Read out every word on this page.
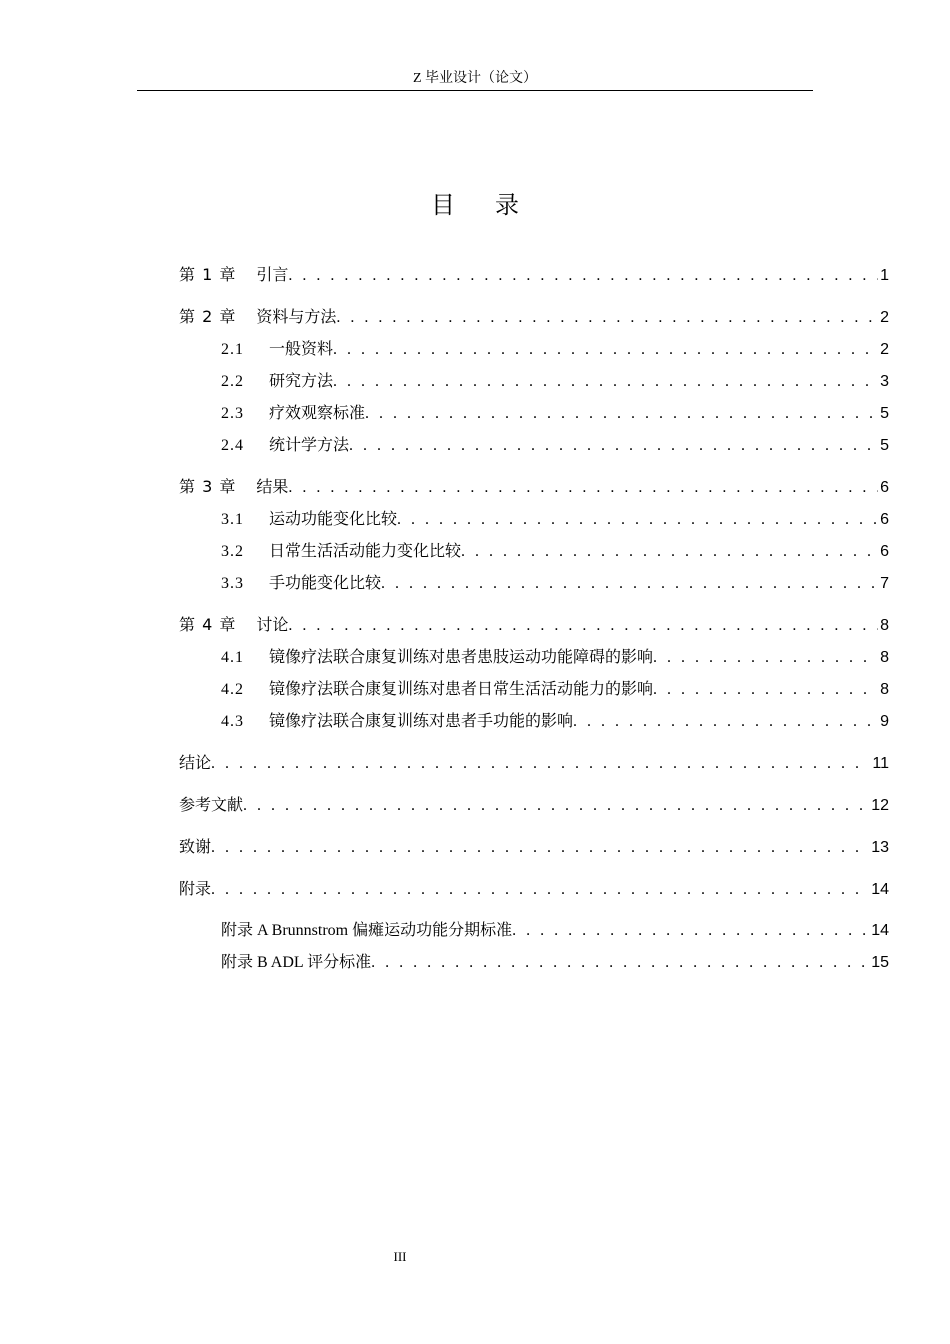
Z 毕业设计（论文）
目录
第 1 章 引言 . . .	1
第 2 章 资料与方法 . . .	2
2.1 一般资料 . . .	2
2.2 研究方法 . . .	3
2.3 疗效观察标准 . . .	5
2.4 统计学方法 . . .	5
第 3 章 结果 . . .	6
3.1 运动功能变化比较 . . .	6
3.2 日常生活活动能力变化比较 . . .	6
3.3 手功能变化比较 . . .	7
第 4 章 讨论 . . .	8
4.1 镜像疗法联合康复训练对患者患肢运动功能障碍的影响 . . .	8
4.2 镜像疗法联合康复训练对患者日常生活活动能力的影响 . . .	8
4.3 镜像疗法联合康复训练对患者手功能的影响 . . .	9
结论 . . .	11
参考文献 . . .	12
致谢 . . .	13
附录 . . .	14
附录 A Brunnstrom 偏瘫运动功能分期标准 . . .	14
附录 B ADL 评分标准 . . .	15
III
